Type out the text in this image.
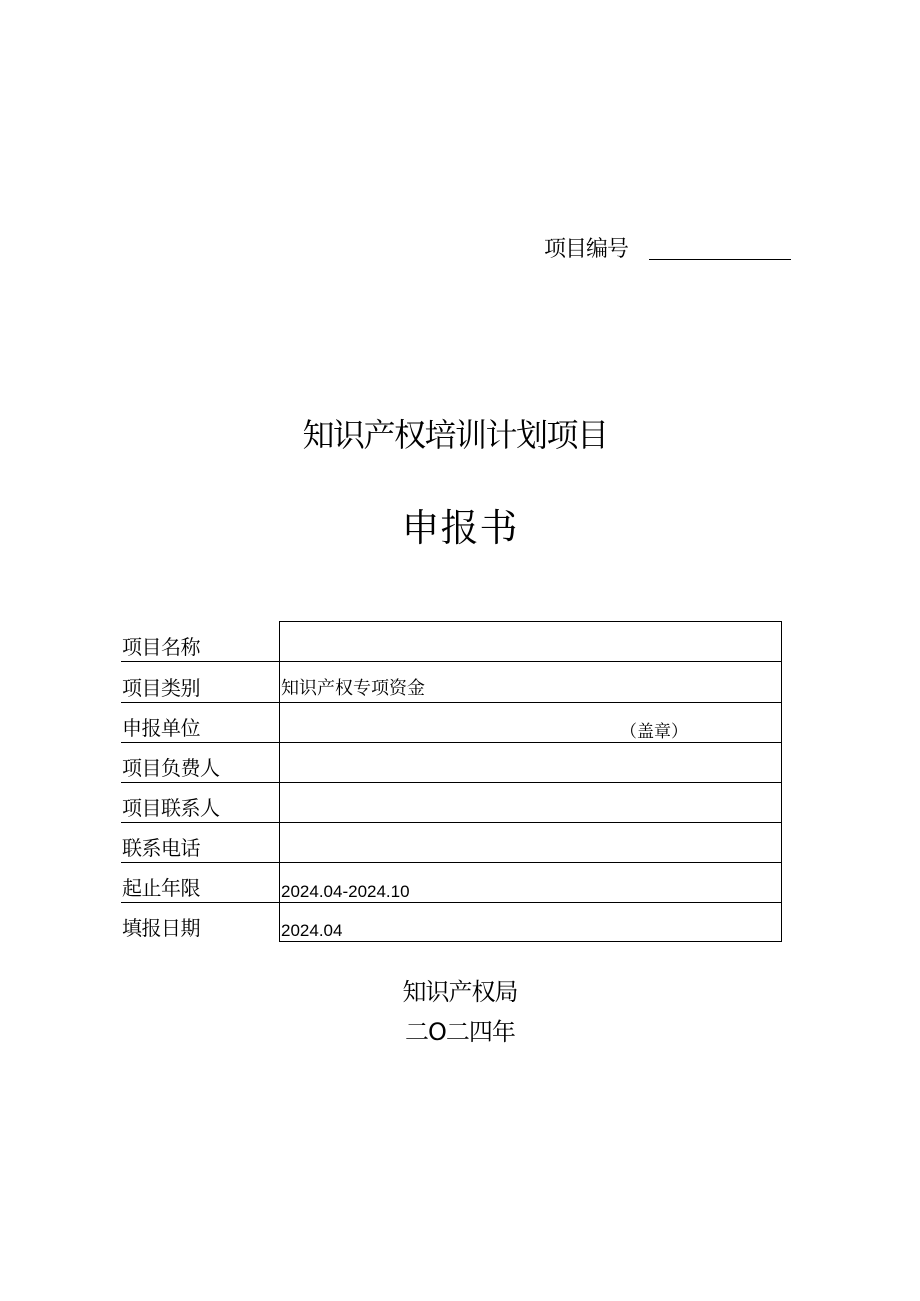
项目编号
知识产权培训计划项目
申报书
项目名称	
项目类别	知识产权专项资金
申报单位	（盖章）
项目负费人	
项目联系人	
联系电话	
起止年限	2024.04-2024.10
填报日期	2024.04
知识产权局
二O二四年
